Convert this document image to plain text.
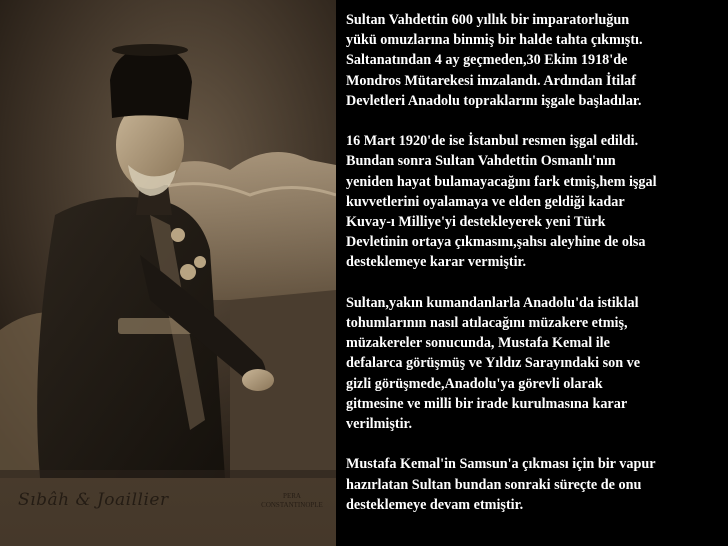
Sıbâh & Joaillier	PERA
CONSTANTINOPLE

Sultan Vahdettin 600 yıllık bir imparatorluğun
yükü omuzlarına binmiş bir halde tahta çıkmıştı.
Saltanatından 4 ay geçmeden,30 Ekim 1918'de
Mondros Mütarekesi imzalandı. Ardından İtilaf
Devletleri Anadolu topraklarını işgale başladılar.

16 Mart 1920'de ise İstanbul resmen işgal edildi.
Bundan sonra Sultan Vahdettin Osmanlı'nın
yeniden hayat bulamayacağını fark etmiş,hem işgal
kuvvetlerini oyalamaya ve elden geldiği kadar
Kuvay-ı Milliye'yi destekleyerek yeni Türk
Devletinin ortaya çıkmasını,şahsı aleyhine de olsa
desteklemeye karar vermiştir.

Sultan,yakın kumandanlarla Anadolu'da istiklal
tohumlarının nasıl atılacağını müzakere etmiş,
müzakereler sonucunda, Mustafa Kemal ile
defalarca görüşmüş ve Yıldız Sarayındaki son ve
gizli görüşmede,Anadolu'ya görevli olarak
gitmesine ve milli bir irade kurulmasına karar
verilmiştir.

Mustafa Kemal'in Samsun'a çıkması için bir vapur
hazırlatan Sultan bundan sonraki süreçte de onu
desteklemeye devam etmiştir.
